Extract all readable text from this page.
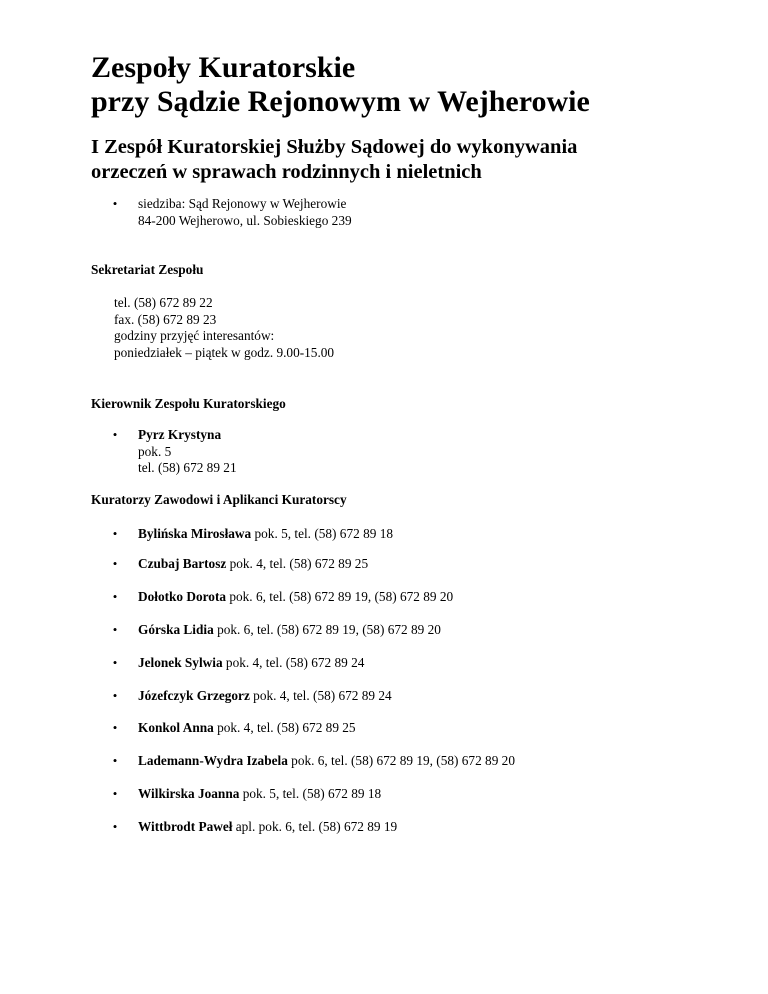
Zespoły Kuratorskie
przy Sądzie Rejonowym w Wejherowie
I Zespół Kuratorskiej Służby Sądowej do wykonywania
orzeczeń w sprawach rodzinnych i nieletnich
• siedziba: Sąd Rejonowy w Wejherowie
84-200 Wejherowo, ul. Sobieskiego 239
Sekretariat Zespołu
tel. (58) 672 89 22
fax. (58) 672 89 23
godziny przyjęć interesantów:
poniedziałek – piątek w godz. 9.00-15.00
Kierownik Zespołu Kuratorskiego
• Pyrz Krystyna
pok. 5
tel. (58) 672 89 21
Kuratorzy Zawodowi i Aplikanci Kuratorscy
• Bylińska Mirosława pok. 5, tel. (58) 672 89 18
• Czubaj Bartosz pok. 4, tel. (58) 672 89 25
• Dołotko Dorota pok. 6, tel. (58) 672 89 19, (58) 672 89 20
• Górska Lidia pok. 6, tel. (58) 672 89 19, (58) 672 89 20
• Jelonek Sylwia pok. 4, tel. (58) 672 89 24
• Józefczyk Grzegorz pok. 4, tel. (58) 672 89 24
• Konkol Anna pok. 4, tel. (58) 672 89 25
• Lademann-Wydra Izabela pok. 6, tel. (58) 672 89 19, (58) 672 89 20
• Wilkirska Joanna pok. 5, tel. (58) 672 89 18
• Wittbrodt Paweł apl. pok. 6, tel. (58) 672 89 19
